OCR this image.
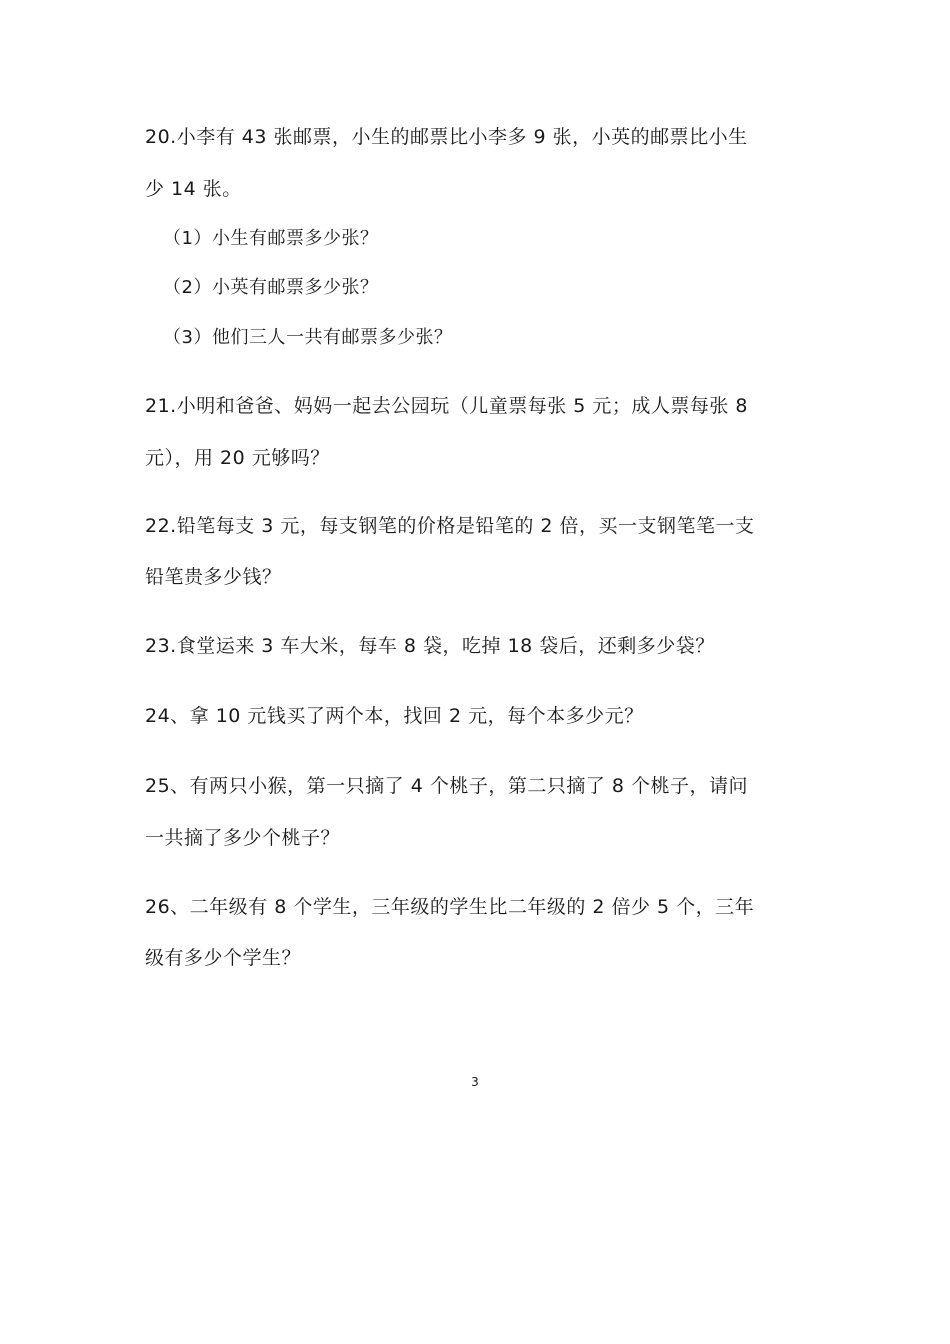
20.小李有 43 张邮票，小生的邮票比小李多 9 张，小英的邮票比小生
少 14 张。
（1）小生有邮票多少张？
（2）小英有邮票多少张？
（3）他们三人一共有邮票多少张？
21.小明和爸爸、妈妈一起去公园玩（儿童票每张 5 元；成人票每张 8
元），用 20 元够吗？
22.铅笔每支 3 元，每支钢笔的价格是铅笔的 2 倍，买一支钢笔笔一支
铅笔贵多少钱？
23.食堂运来 3 车大米，每车 8 袋，吃掉 18 袋后，还剩多少袋？
24、拿 10 元钱买了两个本，找回 2 元，每个本多少元？
25、有两只小猴，第一只摘了 4 个桃子，第二只摘了 8 个桃子，请问
一共摘了多少个桃子？
26、二年级有 8 个学生，三年级的学生比二年级的 2 倍少 5 个，三年
级有多少个学生？
3
